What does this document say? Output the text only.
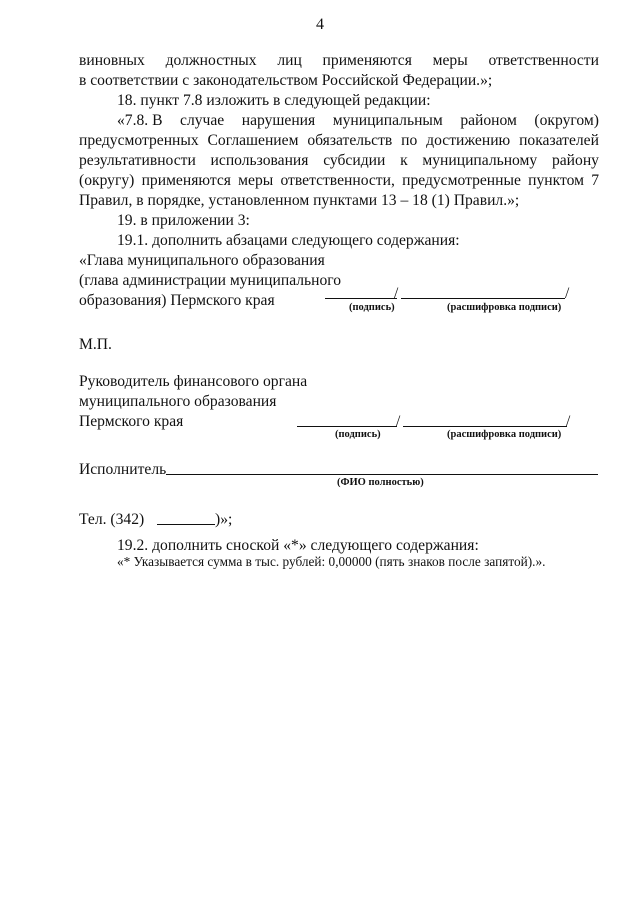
4
виновных должностных лиц применяются меры ответственности
в соответствии с законодательством Российской Федерации.»;
18. пункт 7.8 изложить в следующей редакции:
«7.8. В случае нарушения муниципальным районом (округом)
предусмотренных Соглашением обязательств по достижению показателей
результативности использования субсидии к муниципальному району
(округу) применяются меры ответственности, предусмотренные пунктом 7
Правил, в порядке, установленном пунктами 13 – 18 (1) Правил.»;
19. в приложении 3:
19.1. дополнить абзацами следующего содержания:
«Глава муниципального образования
(глава администрации муниципального
образования) Пермского края	/	/
(подпись)	(расшифровка подписи)
М.П.
Руководитель финансового органа
муниципального образования
Пермского края	/	/
(подпись)	(расшифровка подписи)
Исполнитель
(ФИО полностью)
Тел. (342)	)»;
19.2. дополнить сноской «*» следующего содержания:
«* Указывается сумма в тыс. рублей: 0,00000 (пять знаков после запятой).».
